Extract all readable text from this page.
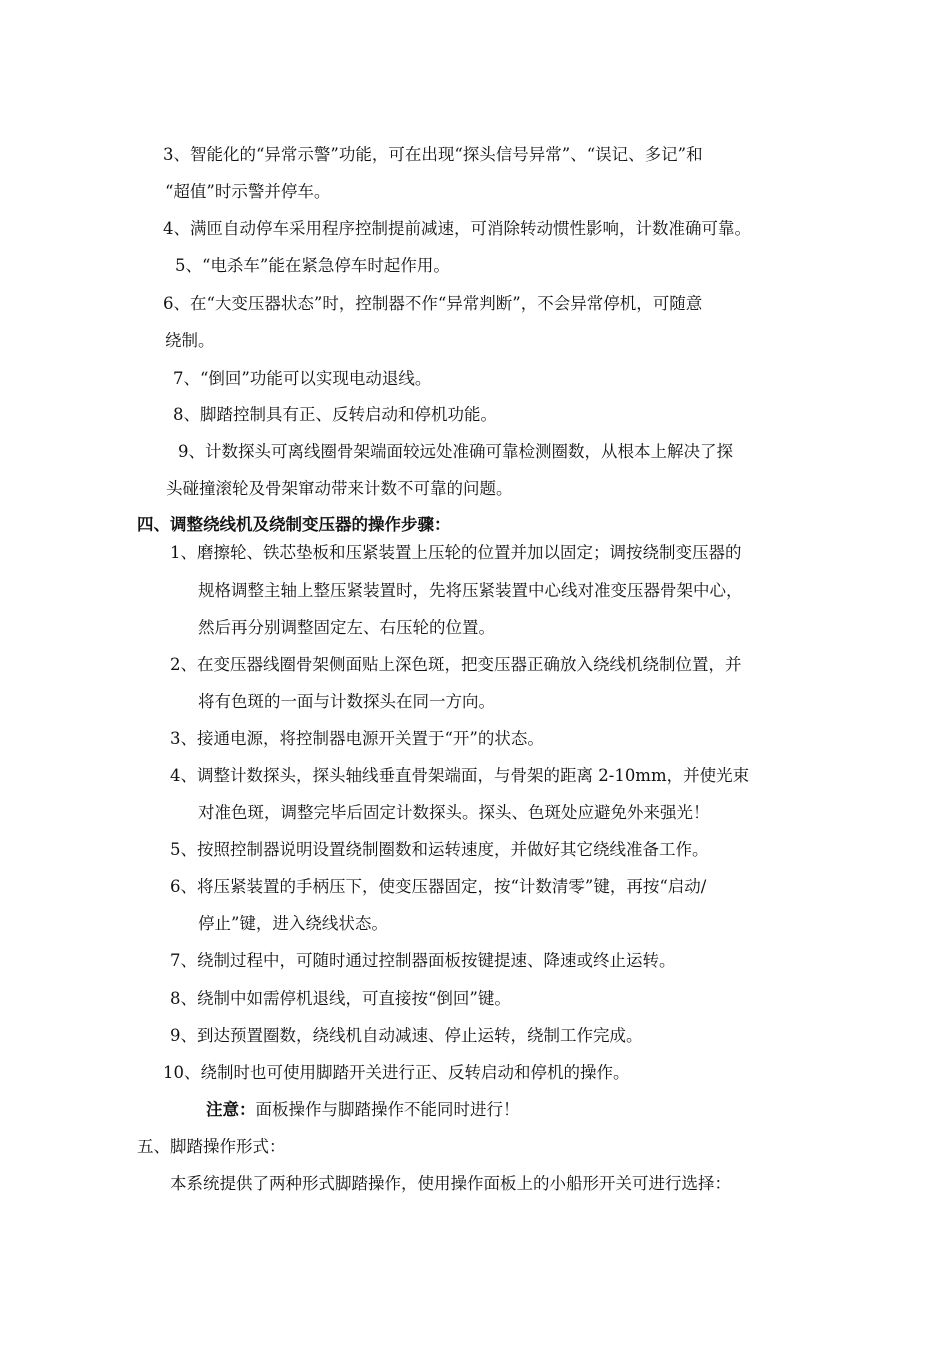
3、智能化的“异常示警”功能，可在出现“探头信号异常”、“误记、多记”和
“超值”时示警并停车。
4、满匝自动停车采用程序控制提前减速，可消除转动惯性影响，计数准确可靠。
5、“电杀车”能在紧急停车时起作用。
6、在“大变压器状态”时，控制器不作“异常判断”，不会异常停机，可随意
绕制。
7、“倒回”功能可以实现电动退线。
8、脚踏控制具有正、反转启动和停机功能。
9、计数探头可离线圈骨架端面较远处准确可靠检测圈数，从根本上解决了探
头碰撞滚轮及骨架窜动带来计数不可靠的问题。
四、调整绕线机及绕制变压器的操作步骤：
1、磨擦轮、铁芯垫板和压紧装置上压轮的位置并加以固定；调按绕制变压器的
规格调整主轴上整压紧装置时，先将压紧装置中心线对准变压器骨架中心，
然后再分别调整固定左、右压轮的位置。
2、在变压器线圈骨架侧面贴上深色斑，把变压器正确放入绕线机绕制位置，并
将有色斑的一面与计数探头在同一方向。
3、接通电源，将控制器电源开关置于“开”的状态。
4、调整计数探头，探头轴线垂直骨架端面，与骨架的距离 2-10mm，并使光束
对准色斑，调整完毕后固定计数探头。探头、色斑处应避免外来强光！
5、按照控制器说明设置绕制圈数和运转速度，并做好其它绕线准备工作。
6、将压紧装置的手柄压下，使变压器固定，按“计数清零”键，再按“启动/
停止”键，进入绕线状态。
7、绕制过程中，可随时通过控制器面板按键提速、降速或终止运转。
8、绕制中如需停机退线，可直接按“倒回”键。
9、到达预置圈数，绕线机自动减速、停止运转，绕制工作完成。
10、绕制时也可使用脚踏开关进行正、反转启动和停机的操作。
注意：面板操作与脚踏操作不能同时进行！
五、脚踏操作形式：
本系统提供了两种形式脚踏操作，使用操作面板上的小船形开关可进行选择：
